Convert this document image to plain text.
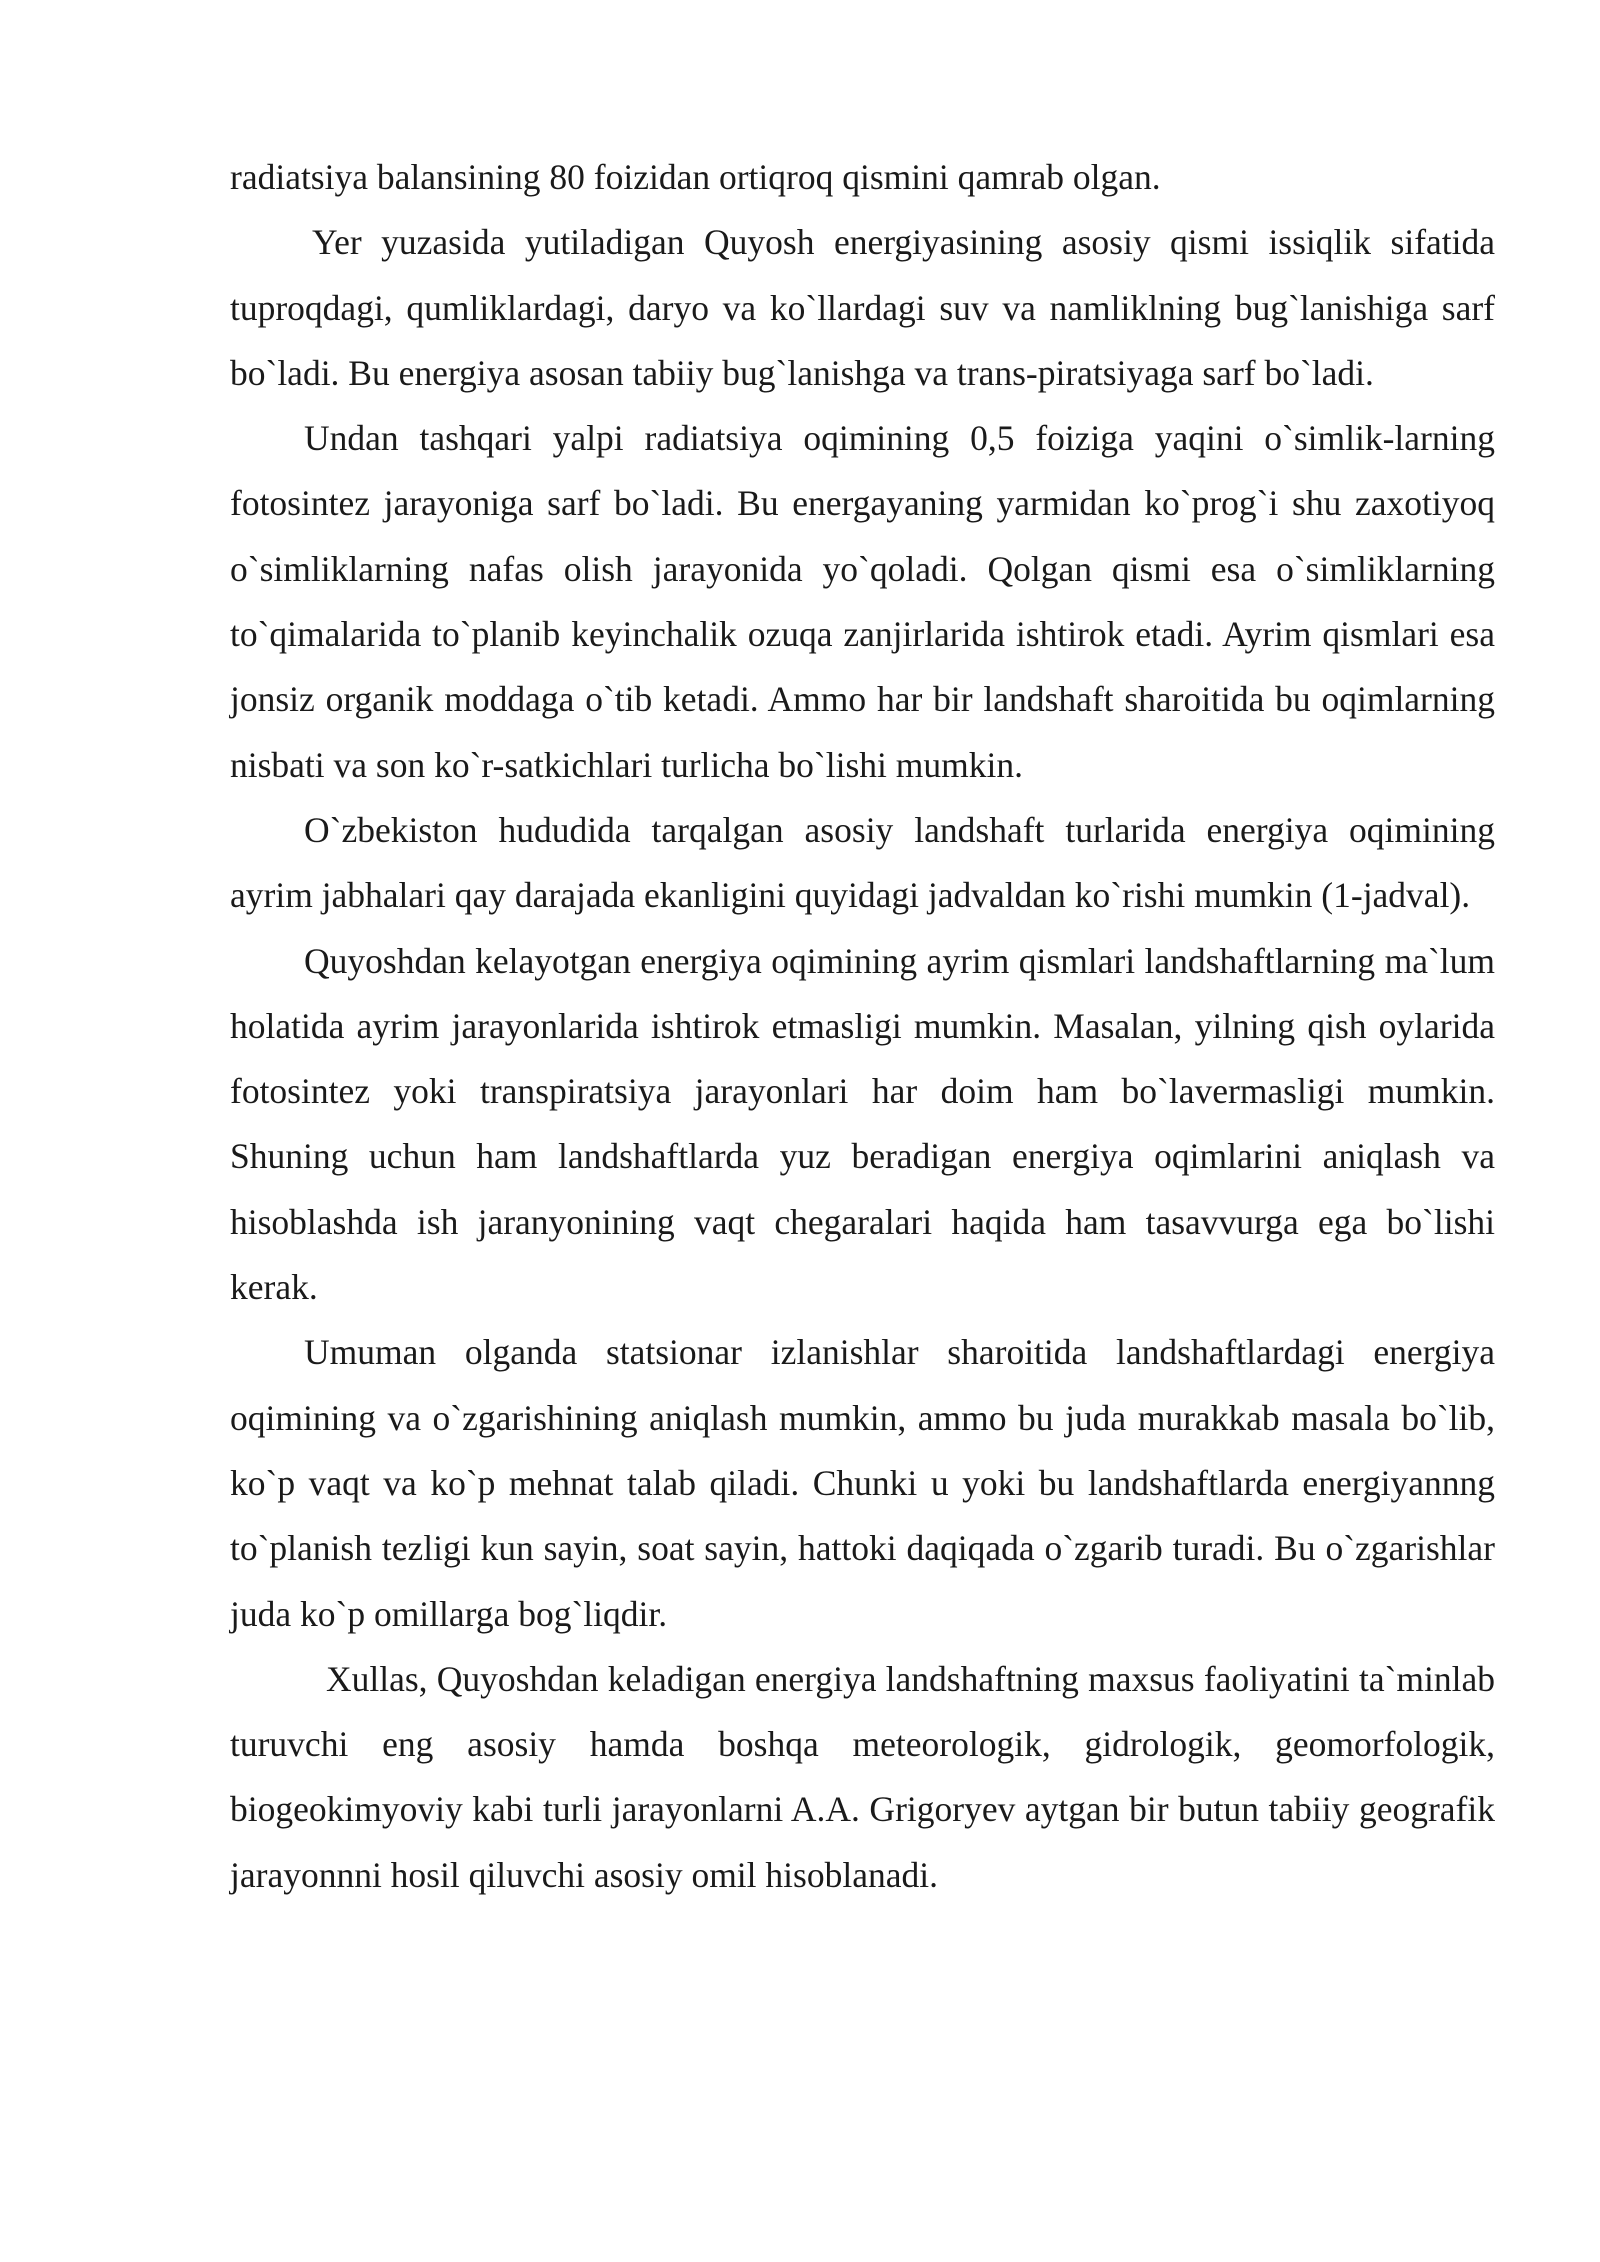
radiatsiya balansining 80 foizidan ortiqroq qismini qamrab olgan.

Yer yuzasida yutiladigan Quyosh energiyasining asosiy qismi issiqlik sifatida tuproqdagi, qumliklardagi, daryo va ko`llardagi suv va namliklning bug`lanishiga sarf bo`ladi. Bu energiya asosan tabiiy bug`lanishga va trans-piratsiyaga sarf bo`ladi.

Undan tashqari yalpi radiatsiya oqimining 0,5 foiziga yaqini o`simlik-larning fotosintez jarayoniga sarf bo`ladi. Bu energayaning yarmidan ko`prog`i shu zaxotiyoq o`simliklarning nafas olish jarayonida yo`qoladi. Qolgan qismi esa o`simliklarning to`qimalarida to`planib keyinchalik ozuqa zanjirlarida ishtirok etadi. Ayrim qismlari esa jonsiz organik moddaga o`tib ketadi. Ammo har bir landshaft sharoitida bu oqimlarning nisbati va son ko`r-satkichlari turlicha bo`lishi mumkin.

O`zbekiston hududida tarqalgan asosiy landshaft turlarida energiya oqimining ayrim jabhalari qay darajada ekanligini quyidagi jadvaldan ko`rishi mumkin (1-jadval).

Quyoshdan kelayotgan energiya oqimining ayrim qismlari landshaftlarning ma`lum holatida ayrim jarayonlarida ishtirok etmasligi mumkin. Masalan, yilning qish oylarida fotosintez yoki transpiratsiya jarayonlari har doim ham bo`lavermasligi mumkin. Shuning uchun ham landshaftlarda yuz beradigan energiya oqimlarini aniqlash va hisoblashda ish jaranyonining vaqt chegaralari haqida ham tasavvurga ega bo`lishi kerak.

Umuman olganda statsionar izlanishlar sharoitida landshaftlardagi energiya oqimining va o`zgarishining aniqlash mumkin, ammo bu juda murakkab masala bo`lib, ko`p vaqt va ko`p mehnat talab qiladi. Chunki u yoki bu landshaftlarda energiyannng to`planish tezligi kun sayin, soat sayin, hattoki daqiqada o`zgarib turadi. Bu o`zgarishlar juda ko`p omillarga bog`liqdir.

Xullas, Quyoshdan keladigan energiya landshaftning maxsus faoliyatini ta`minlab turuvchi eng asosiy hamda boshqa meteorologik, gidrologik, geomorfologik, biogeokimyoviy kabi turli jarayonlarni A.A. Grigoryev aytgan bir butun tabiiy geografik jarayonnni hosil qiluvchi asosiy omil hisoblanadi.
